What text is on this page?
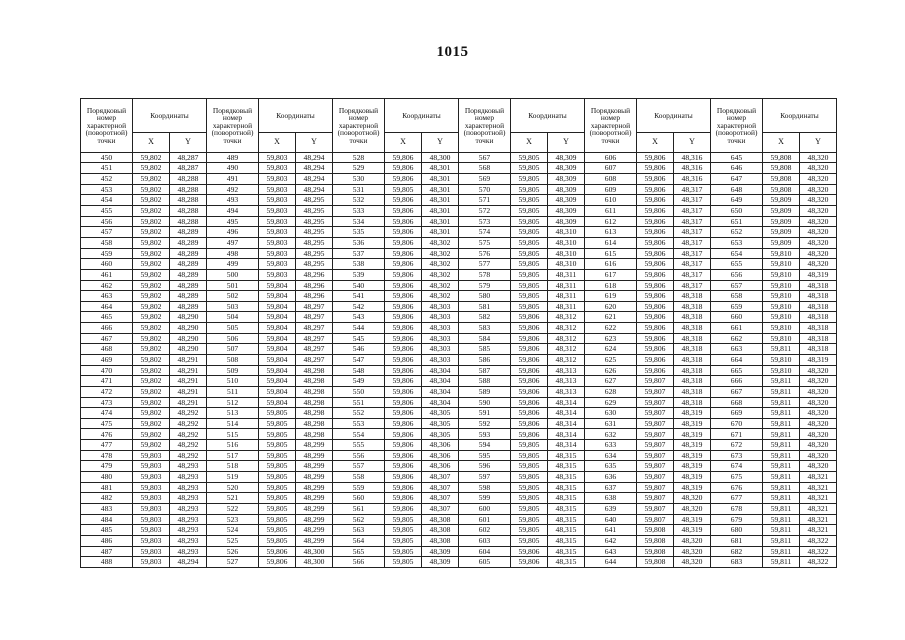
1015
Порядковый
номер
характерной
(поворотной)
точки	Координаты	
	X	Y
450	59,802	48,287
451	59,802	48,287
452	59,802	48,288
453	59,802	48,288
454	59,802	48,288
455	59,802	48,288
456	59,802	48,288
457	59,802	48,289
458	59,802	48,289
459	59,802	48,289
460	59,802	48,289
461	59,802	48,289
462	59,802	48,289
463	59,802	48,289
464	59,802	48,289
465	59,802	48,290
466	59,802	48,290
467	59,802	48,290
468	59,802	48,290
469	59,802	48,291
470	59,802	48,291
471	59,802	48,291
472	59,802	48,291
473	59,802	48,291
474	59,802	48,292
475	59,802	48,292
476	59,802	48,292
477	59,802	48,292
478	59,803	48,292
479	59,803	48,293
480	59,803	48,293
481	59,803	48,293
482	59,803	48,293
483	59,803	48,293
484	59,803	48,293
485	59,803	48,293
486	59,803	48,293
487	59,803	48,293
488	59,803	48,294
Порядковый
номер
характерной
(поворотной)
точки	Координаты	
	X	Y
489	59,803	48,294
490	59,803	48,294
491	59,803	48,294
492	59,803	48,294
493	59,803	48,295
494	59,803	48,295
495	59,803	48,295
496	59,803	48,295
497	59,803	48,295
498	59,803	48,295
499	59,803	48,295
500	59,803	48,296
501	59,804	48,296
502	59,804	48,296
503	59,804	48,297
504	59,804	48,297
505	59,804	48,297
506	59,804	48,297
507	59,804	48,297
508	59,804	48,297
509	59,804	48,298
510	59,804	48,298
511	59,804	48,298
512	59,804	48,298
513	59,805	48,298
514	59,805	48,298
515	59,805	48,298
516	59,805	48,299
517	59,805	48,299
518	59,805	48,299
519	59,805	48,299
520	59,805	48,299
521	59,805	48,299
522	59,805	48,299
523	59,805	48,299
524	59,805	48,299
525	59,805	48,299
526	59,806	48,300
527	59,806	48,300
Порядковый
номер
характерной
(поворотной)
точки	Координаты	
	X	Y
528	59,806	48,300
529	59,806	48,301
530	59,806	48,301
531	59,805	48,301
532	59,806	48,301
533	59,806	48,301
534	59,806	48,301
535	59,806	48,301
536	59,806	48,302
537	59,806	48,302
538	59,806	48,302
539	59,806	48,302
540	59,806	48,302
541	59,806	48,302
542	59,806	48,303
543	59,806	48,303
544	59,806	48,303
545	59,806	48,303
546	59,806	48,303
547	59,806	48,303
548	59,806	48,304
549	59,806	48,304
550	59,806	48,304
551	59,806	48,304
552	59,806	48,305
553	59,806	48,305
554	59,806	48,305
555	59,806	48,306
556	59,806	48,306
557	59,806	48,306
558	59,806	48,307
559	59,806	48,307
560	59,806	48,307
561	59,806	48,307
562	59,805	48,308
563	59,805	48,308
564	59,805	48,308
565	59,805	48,309
566	59,805	48,309
Порядковый
номер
характерной
(поворотной)
точки	Координаты	
	X	Y
567	59,805	48,309
568	59,805	48,309
569	59,805	48,309
570	59,805	48,309
571	59,805	48,309
572	59,805	48,309
573	59,805	48,309
574	59,805	48,310
575	59,805	48,310
576	59,805	48,310
577	59,805	48,310
578	59,805	48,311
579	59,805	48,311
580	59,805	48,311
581	59,805	48,311
582	59,806	48,312
583	59,806	48,312
584	59,806	48,312
585	59,806	48,312
586	59,806	48,312
587	59,806	48,313
588	59,806	48,313
589	59,806	48,313
590	59,806	48,314
591	59,806	48,314
592	59,806	48,314
593	59,806	48,314
594	59,805	48,314
595	59,805	48,315
596	59,805	48,315
597	59,805	48,315
598	59,805	48,315
599	59,805	48,315
600	59,805	48,315
601	59,805	48,315
602	59,805	48,315
603	59,805	48,315
604	59,806	48,315
605	59,806	48,315
Порядковый
номер
характерной
(поворотной)
точки	Координаты	
	X	Y
606	59,806	48,316
607	59,806	48,316
608	59,806	48,316
609	59,806	48,317
610	59,806	48,317
611	59,806	48,317
612	59,806	48,317
613	59,806	48,317
614	59,806	48,317
615	59,806	48,317
616	59,806	48,317
617	59,806	48,317
618	59,806	48,317
619	59,806	48,318
620	59,806	48,318
621	59,806	48,318
622	59,806	48,318
623	59,806	48,318
624	59,806	48,318
625	59,806	48,318
626	59,806	48,318
627	59,807	48,318
628	59,807	48,318
629	59,807	48,318
630	59,807	48,319
631	59,807	48,319
632	59,807	48,319
633	59,807	48,319
634	59,807	48,319
635	59,807	48,319
636	59,807	48,319
637	59,807	48,319
638	59,807	48,320
639	59,807	48,320
640	59,807	48,319
641	59,808	48,319
642	59,808	48,320
643	59,808	48,320
644	59,808	48,320
Порядковый
номер
характерной
(поворотной)
точки	Координаты	
	X	Y
645	59,808	48,320
646	59,808	48,320
647	59,808	48,320
648	59,808	48,320
649	59,809	48,320
650	59,809	48,320
651	59,809	48,320
652	59,809	48,320
653	59,809	48,320
654	59,810	48,320
655	59,810	48,320
656	59,810	48,319
657	59,810	48,318
658	59,810	48,318
659	59,810	48,318
660	59,810	48,318
661	59,810	48,318
662	59,810	48,318
663	59,811	48,318
664	59,810	48,319
665	59,810	48,320
666	59,811	48,320
667	59,811	48,320
668	59,811	48,320
669	59,811	48,320
670	59,811	48,320
671	59,811	48,320
672	59,811	48,320
673	59,811	48,320
674	59,811	48,320
675	59,811	48,321
676	59,811	48,321
677	59,811	48,321
678	59,811	48,321
679	59,811	48,321
680	59,811	48,321
681	59,811	48,322
682	59,811	48,322
683	59,811	48,322
